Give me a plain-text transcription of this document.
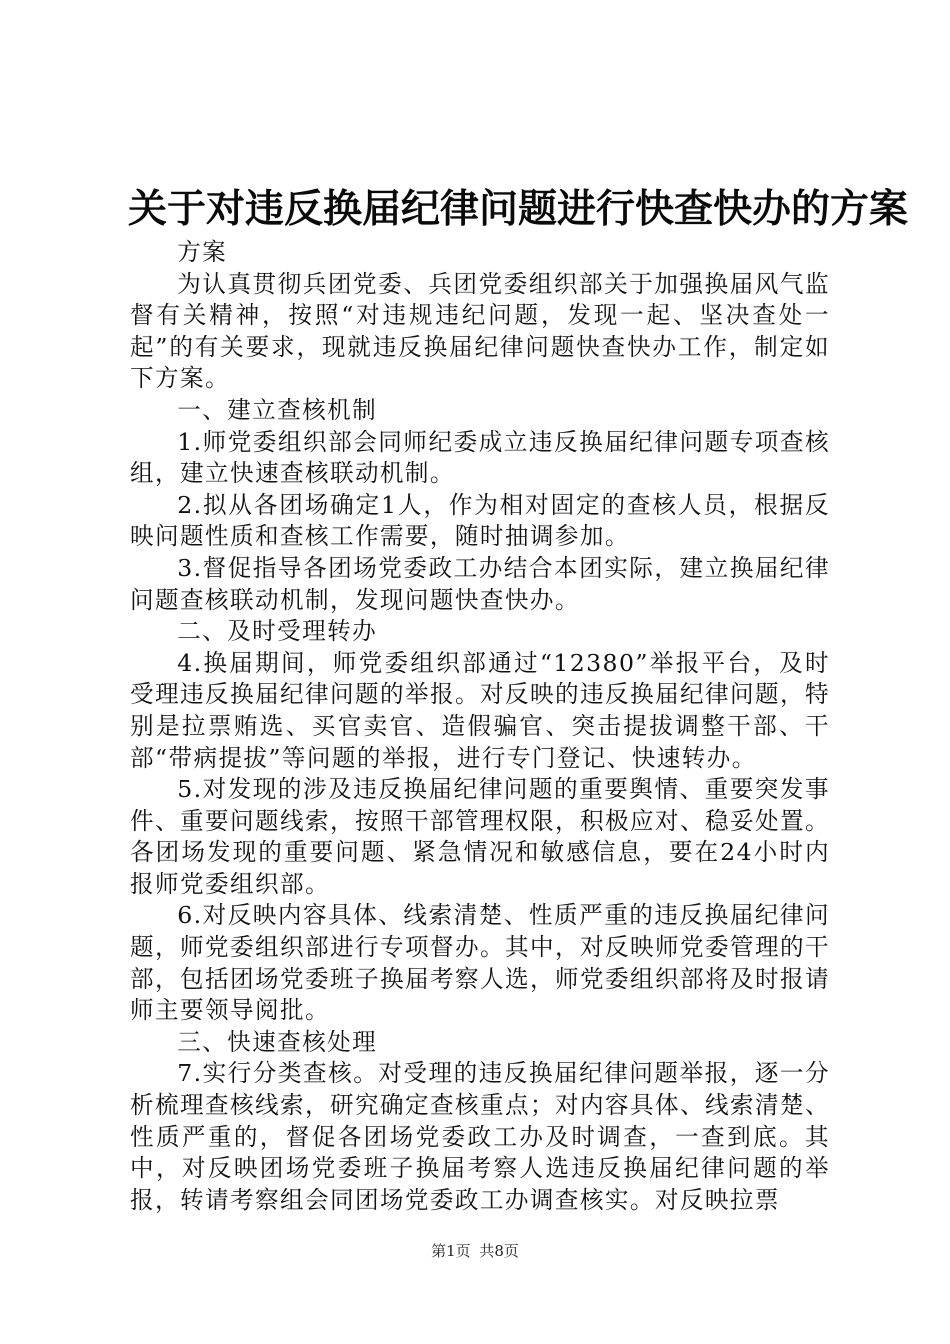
关于对违反换届纪律问题进行快查快办的方案

方案

为认真贯彻兵团党委、兵团党委组织部关于加强换届风气监督有关精神，按照“对违规违纪问题，发现一起、坚决查处一起”的有关要求，现就违反换届纪律问题快查快办工作，制定如下方案。

一、建立查核机制

1.师党委组织部会同师纪委成立违反换届纪律问题专项查核组，建立快速查核联动机制。

2.拟从各团场确定1人，作为相对固定的查核人员，根据反映问题性质和查核工作需要，随时抽调参加。

3.督促指导各团场党委政工办结合本团实际，建立换届纪律问题查核联动机制，发现问题快查快办。

二、及时受理转办

4.换届期间，师党委组织部通过“12380”举报平台，及时受理违反换届纪律问题的举报。对反映的违反换届纪律问题，特别是拉票贿选、买官卖官、造假骗官、突击提拔调整干部、干部“带病提拔”等问题的举报，进行专门登记、快速转办。

5.对发现的涉及违反换届纪律问题的重要舆情、重要突发事件、重要问题线索，按照干部管理权限，积极应对、稳妥处置。各团场发现的重要问题、紧急情况和敏感信息，要在24小时内报师党委组织部。

6.对反映内容具体、线索清楚、性质严重的违反换届纪律问题，师党委组织部进行专项督办。其中，对反映师党委管理的干部，包括团场党委班子换届考察人选，师党委组织部将及时报请师主要领导阅批。

三、快速查核处理

7.实行分类查核。对受理的违反换届纪律问题举报，逐一分析梳理查核线索，研究确定查核重点；对内容具体、线索清楚、性质严重的，督促各团场党委政工办及时调查，一查到底。其中，对反映团场党委班子换届考察人选违反换届纪律问题的举报，转请考察组会同团场党委政工办调查核实。对反映拉票

第1页 共8页
